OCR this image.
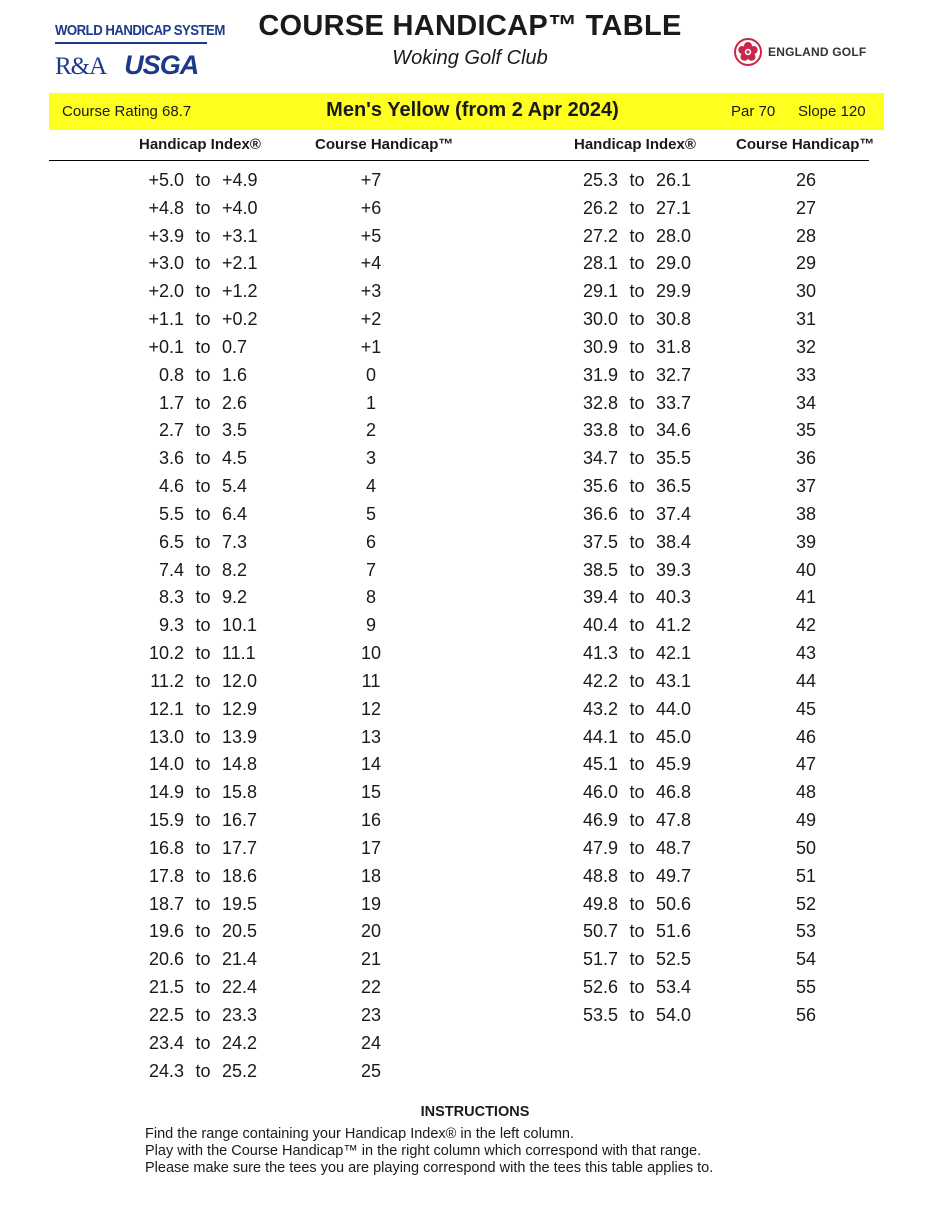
WORLD HANDICAP SYSTEM
R&A USGA
COURSE HANDICAP™ TABLE
Woking Golf Club	ENGLAND GOLF
Course Rating 68.7	Men's Yellow (from 2 Apr 2024)	Par 70 Slope 120
Handicap Index®	Course Handicap™	Handicap Index®	Course Handicap™
+5.0 to +4.9	+7
+4.8 to +4.0	+6
+3.9 to +3.1	+5
+3.0 to +2.1	+4
+2.0 to +1.2	+3
+1.1 to +0.2	+2
+0.1 to 0.7	+1
0.8 to 1.6	0
1.7 to 2.6	1
2.7 to 3.5	2
3.6 to 4.5	3
4.6 to 5.4	4
5.5 to 6.4	5
6.5 to 7.3	6
7.4 to 8.2	7
8.3 to 9.2	8
9.3 to 10.1	9
10.2 to 11.1	10
11.2 to 12.0	11
12.1 to 12.9	12
13.0 to 13.9	13
14.0 to 14.8	14
14.9 to 15.8	15
15.9 to 16.7	16
16.8 to 17.7	17
17.8 to 18.6	18
18.7 to 19.5	19
19.6 to 20.5	20
20.6 to 21.4	21
21.5 to 22.4	22
22.5 to 23.3	23
23.4 to 24.2	24
24.3 to 25.2	25
25.3 to 26.1	26
26.2 to 27.1	27
27.2 to 28.0	28
28.1 to 29.0	29
29.1 to 29.9	30
30.0 to 30.8	31
30.9 to 31.8	32
31.9 to 32.7	33
32.8 to 33.7	34
33.8 to 34.6	35
34.7 to 35.5	36
35.6 to 36.5	37
36.6 to 37.4	38
37.5 to 38.4	39
38.5 to 39.3	40
39.4 to 40.3	41
40.4 to 41.2	42
41.3 to 42.1	43
42.2 to 43.1	44
43.2 to 44.0	45
44.1 to 45.0	46
45.1 to 45.9	47
46.0 to 46.8	48
46.9 to 47.8	49
47.9 to 48.7	50
48.8 to 49.7	51
49.8 to 50.6	52
50.7 to 51.6	53
51.7 to 52.5	54
52.6 to 53.4	55
53.5 to 54.0	56
INSTRUCTIONS
Find the range containing your Handicap Index® in the left column.
Play with the Course Handicap™ in the right column which correspond with that range.
Please make sure the tees you are playing correspond with the tees this table applies to.
